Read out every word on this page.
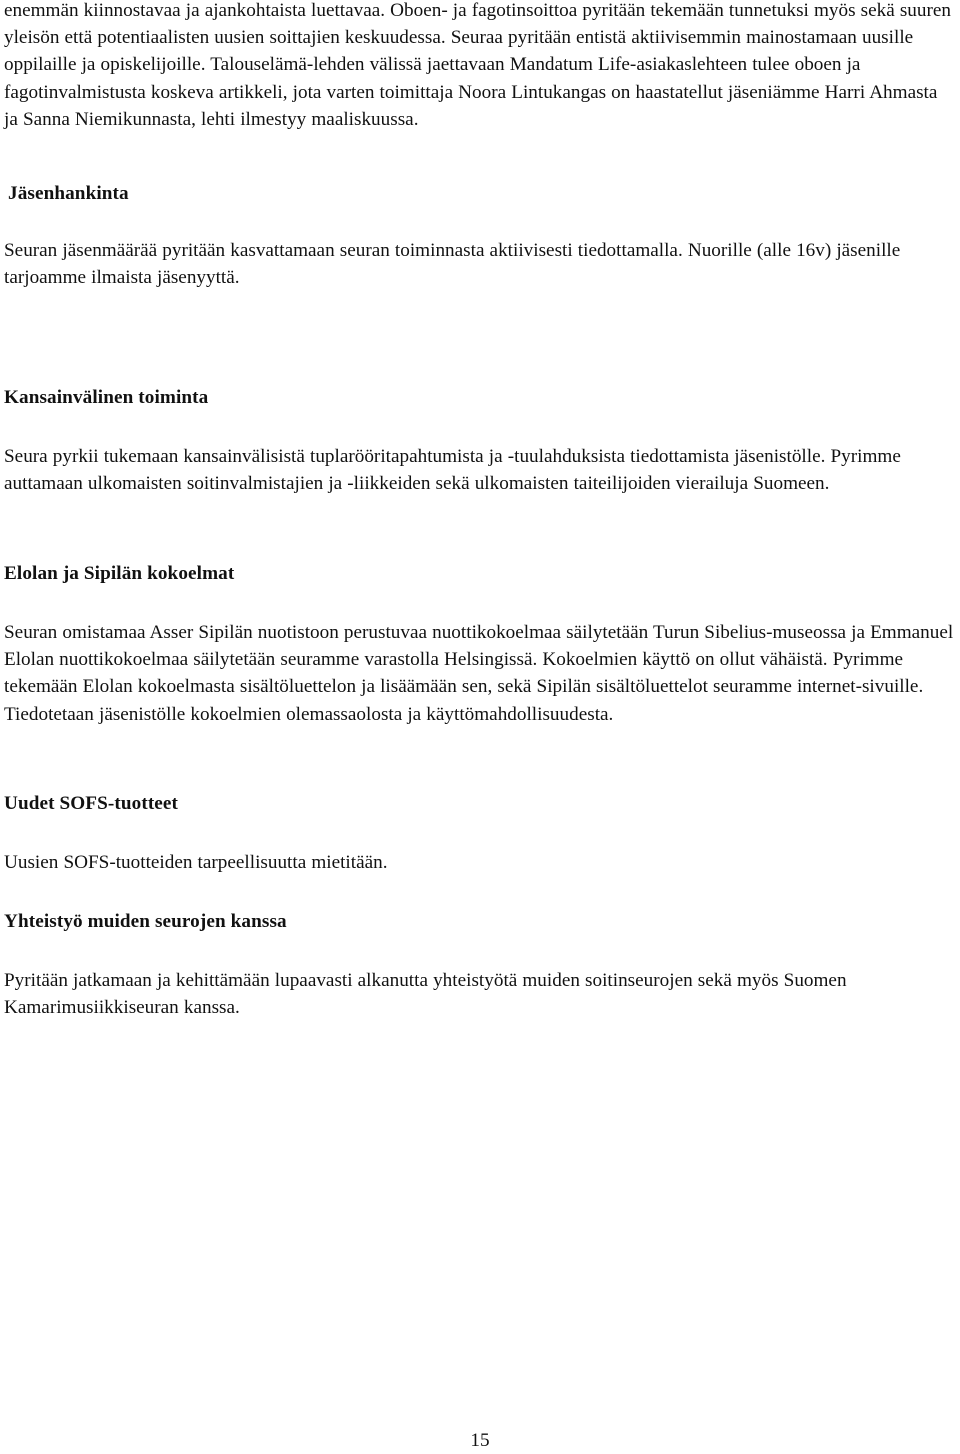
enemmän kiinnostavaa ja ajankohtaista luettavaa. Oboen- ja fagotinsoittoa pyritään tekemään tunnetuksi myös sekä suuren yleisön että potentiaalisten uusien soittajien keskuudessa. Seuraa pyritään entistä aktiivisemmin mainostamaan uusille oppilaille ja opiskelijoille. Talouselämä-lehden välissä jaettavaan Mandatum Life-asiakaslehteen tulee oboen ja fagotinvalmistusta koskeva artikkeli, jota varten toimittaja Noora Lintukangas on haastatellut jäseniämme Harri Ahmasta ja Sanna Niemikunnasta, lehti ilmestyy maaliskuussa.

Jäsenhankinta

Seuran jäsenmäärää pyritään kasvattamaan seuran toiminnasta aktiivisesti tiedottamalla. Nuorille (alle 16v) jäsenille tarjoamme ilmaista jäsenyyttä.

Kansainvälinen toiminta

Seura pyrkii tukemaan kansainvälisistä tuplarööritapahtumista ja -tuulahduksista tiedottamista jäsenistölle. Pyrimme auttamaan ulkomaisten soitinvalmistajien ja -liikkeiden sekä ulkomaisten taiteilijoiden vierailuja Suomeen.

Elolan ja Sipilän kokoelmat

Seuran omistamaa Asser Sipilän nuotistoon perustuvaa nuottikokoelmaa säilytetään Turun Sibelius-museossa ja Emmanuel Elolan nuottikokoelmaa säilytetään seuramme varastolla Helsingissä. Kokoelmien käyttö on ollut vähäistä. Pyrimme tekemään Elolan kokoelmasta sisältöluettelon ja lisäämään sen, sekä Sipilän sisältöluettelot seuramme internet-sivuille. Tiedotetaan jäsenistölle kokoelmien olemassaolosta ja käyttömahdollisuudesta.

Uudet SOFS-tuotteet

Uusien SOFS-tuotteiden tarpeellisuutta mietitään.

Yhteistyö muiden seurojen kanssa

Pyritään jatkamaan ja kehittämään lupaavasti alkanutta yhteistyötä muiden soitinseurojen sekä myös Suomen Kamarimusiikkiseuran kanssa.

15
